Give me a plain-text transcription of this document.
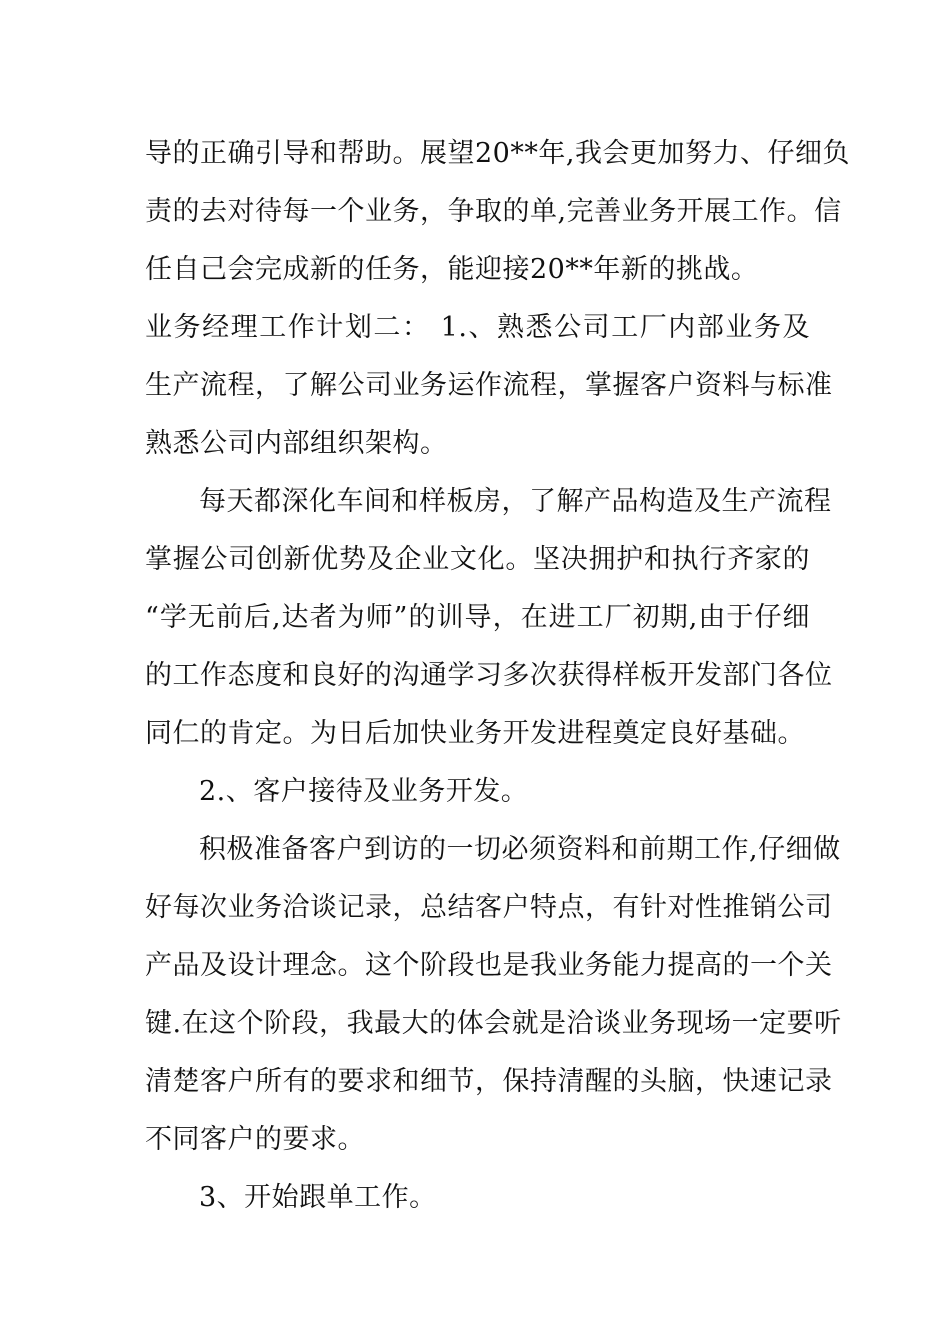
导的正确引导和帮助。展望20**年,我会更加努力、仔细负
责的去对待每一个业务，争取的单,完善业务开展工作。信
任自己会完成新的任务，能迎接20**年新的挑战。
业务经理工作计划二： 1.、熟悉公司工厂内部业务及
生产流程，了解公司业务运作流程，掌握客户资料与标准
熟悉公司内部组织架构。
每天都深化车间和样板房，了解产品构造及生产流程
掌握公司创新优势及企业文化。坚决拥护和执行齐家的
“学无前后,达者为师”的训导，在进工厂初期,由于仔细
的工作态度和良好的沟通学习多次获得样板开发部门各位
同仁的肯定。为日后加快业务开发进程奠定良好基础。
2.、客户接待及业务开发。
积极准备客户到访的一切必须资料和前期工作,仔细做
好每次业务洽谈记录，总结客户特点，有针对性推销公司
产品及设计理念。这个阶段也是我业务能力提高的一个关
键.在这个阶段，我最大的体会就是洽谈业务现场一定要听
清楚客户所有的要求和细节，保持清醒的头脑，快速记录
不同客户的要求。
3、开始跟单工作。
